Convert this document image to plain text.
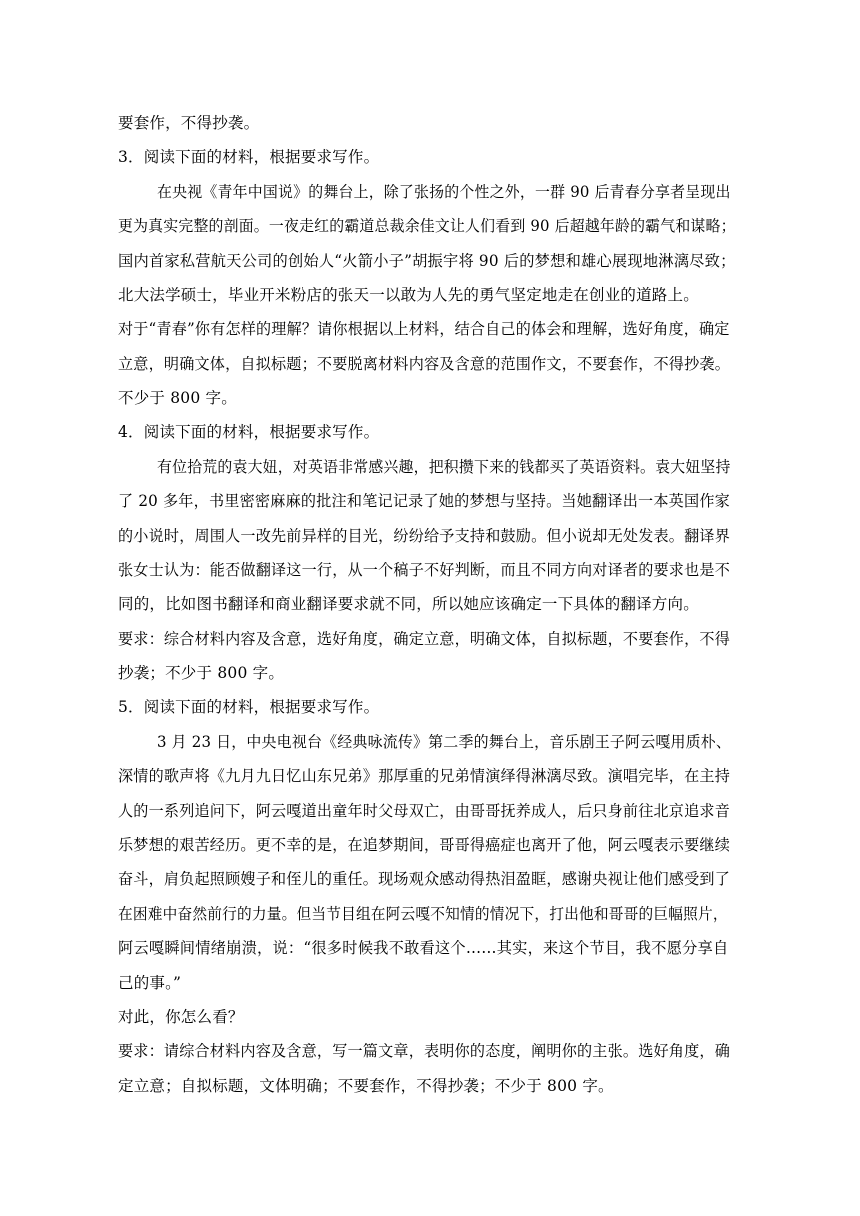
要套作，不得抄袭。
3．阅读下面的材料，根据要求写作。
在央视《青年中国说》的舞台上，除了张扬的个性之外，一群 90 后青春分享者呈现出
更为真实完整的剖面。一夜走红的霸道总裁余佳文让人们看到 90 后超越年龄的霸气和谋略；
国内首家私营航天公司的创始人“火箭小子”胡振宇将 90 后的梦想和雄心展现地淋漓尽致；
北大法学硕士，毕业开米粉店的张天一以敢为人先的勇气坚定地走在创业的道路上。
对于“青春”你有怎样的理解？请你根据以上材料，结合自己的体会和理解，选好角度，确定
立意，明确文体，自拟标题；不要脱离材料内容及含意的范围作文，不要套作，不得抄袭。
不少于 800 字。
4．阅读下面的材料，根据要求写作。
有位拾荒的袁大妞，对英语非常感兴趣，把积攒下来的钱都买了英语资料。袁大妞坚持
了 20 多年，书里密密麻麻的批注和笔记记录了她的梦想与坚持。当她翻译出一本英国作家
的小说时，周围人一改先前异样的目光，纷纷给予支持和鼓励。但小说却无处发表。翻译界
张女士认为：能否做翻译这一行，从一个稿子不好判断，而且不同方向对译者的要求也是不
同的，比如图书翻译和商业翻译要求就不同，所以她应该确定一下具体的翻译方向。
要求：综合材料内容及含意，选好角度，确定立意，明确文体，自拟标题，不要套作，不得
抄袭；不少于 800 字。
5．阅读下面的材料，根据要求写作。
3 月 23 日，中央电视台《经典咏流传》第二季的舞台上，音乐剧王子阿云嘎用质朴、
深情的歌声将《九月九日忆山东兄弟》那厚重的兄弟情演绎得淋漓尽致。演唱完毕，在主持
人的一系列追问下，阿云嘎道出童年时父母双亡，由哥哥抚养成人，后只身前往北京追求音
乐梦想的艰苦经历。更不幸的是，在追梦期间，哥哥得癌症也离开了他，阿云嘎表示要继续
奋斗，肩负起照顾嫂子和侄儿的重任。现场观众感动得热泪盈眶，感谢央视让他们感受到了
在困难中奋然前行的力量。但当节目组在阿云嘎不知情的情况下，打出他和哥哥的巨幅照片，
阿云嘎瞬间情绪崩溃，说：“很多时候我不敢看这个……其实，来这个节目，我不愿分享自
己的事。”
对此，你怎么看？
要求：请综合材料内容及含意，写一篇文章，表明你的态度，阐明你的主张。选好角度，确
定立意；自拟标题，文体明确；不要套作，不得抄袭；不少于 800 字。
